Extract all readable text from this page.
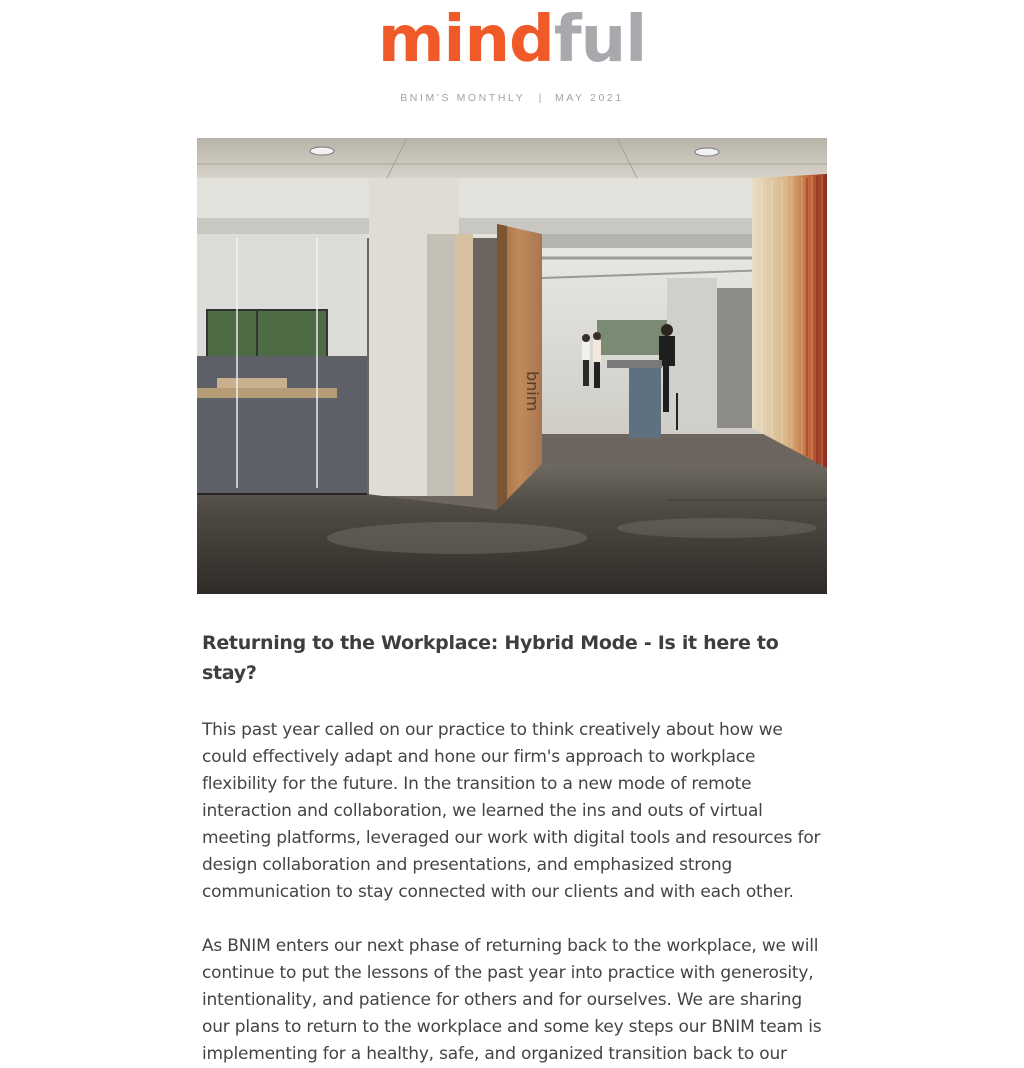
mindful
BNIM'S MONTHLY | MAY 2021
bnim
Returning to the Workplace: Hybrid Mode - Is it here to stay?

This past year called on our practice to think creatively about how we could effectively adapt and hone our firm's approach to workplace flexibility for the future. In the transition to a new mode of remote interaction and collaboration, we learned the ins and outs of virtual meeting platforms, leveraged our work with digital tools and resources for design collaboration and presentations, and emphasized strong communication to stay connected with our clients and with each other.

As BNIM enters our next phase of returning back to the workplace, we will continue to put the lessons of the past year into practice with generosity, intentionality, and patience for others and for ourselves. We are sharing our plans to return to the workplace and some key steps our BNIM team is implementing for a healthy, safe, and organized transition back to our
